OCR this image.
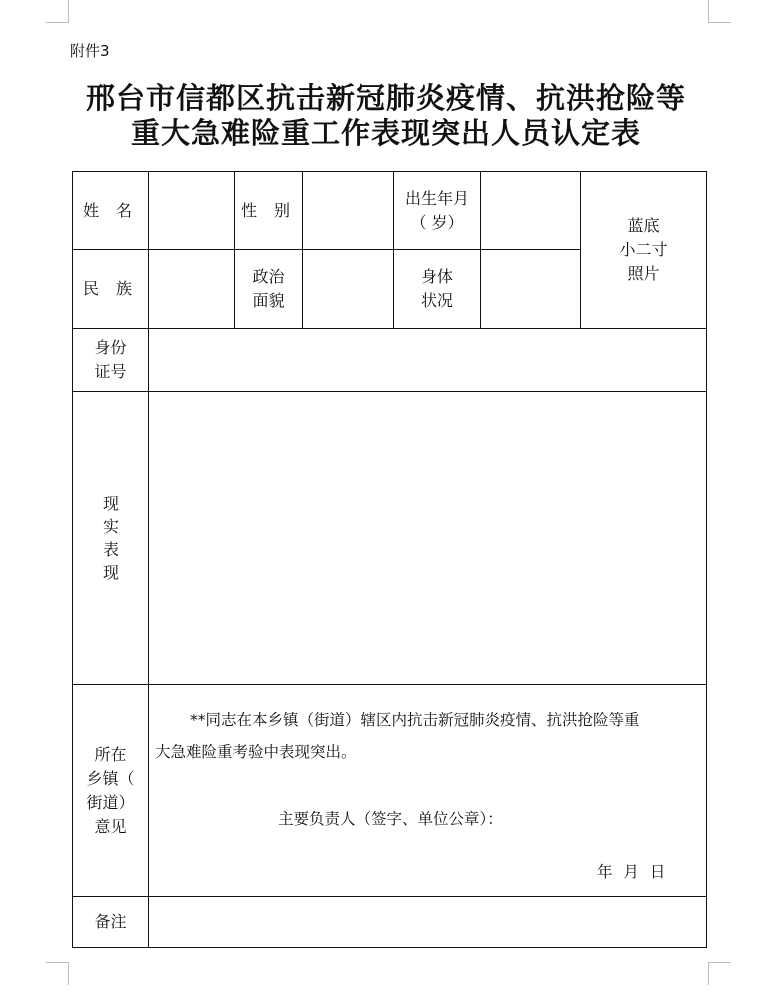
附件3
邢台市信都区抗击新冠肺炎疫情、抗洪抢险等
重大急难险重工作表现突出人员认定表
姓 名	性 别
出生年月
（ 岁）	蓝底
小二寸
照片
民 族
政治
面貌
身体
状况
身份
证号
现实表现
所在
乡镇（
街道）
意见
**同志在本乡镇（街道）辖区内抗击新冠肺炎疫情、抗洪抢险等重
大急难险重考验中表现突出。
主要负责人（签字、单位公章）：
年 月 日
备注
